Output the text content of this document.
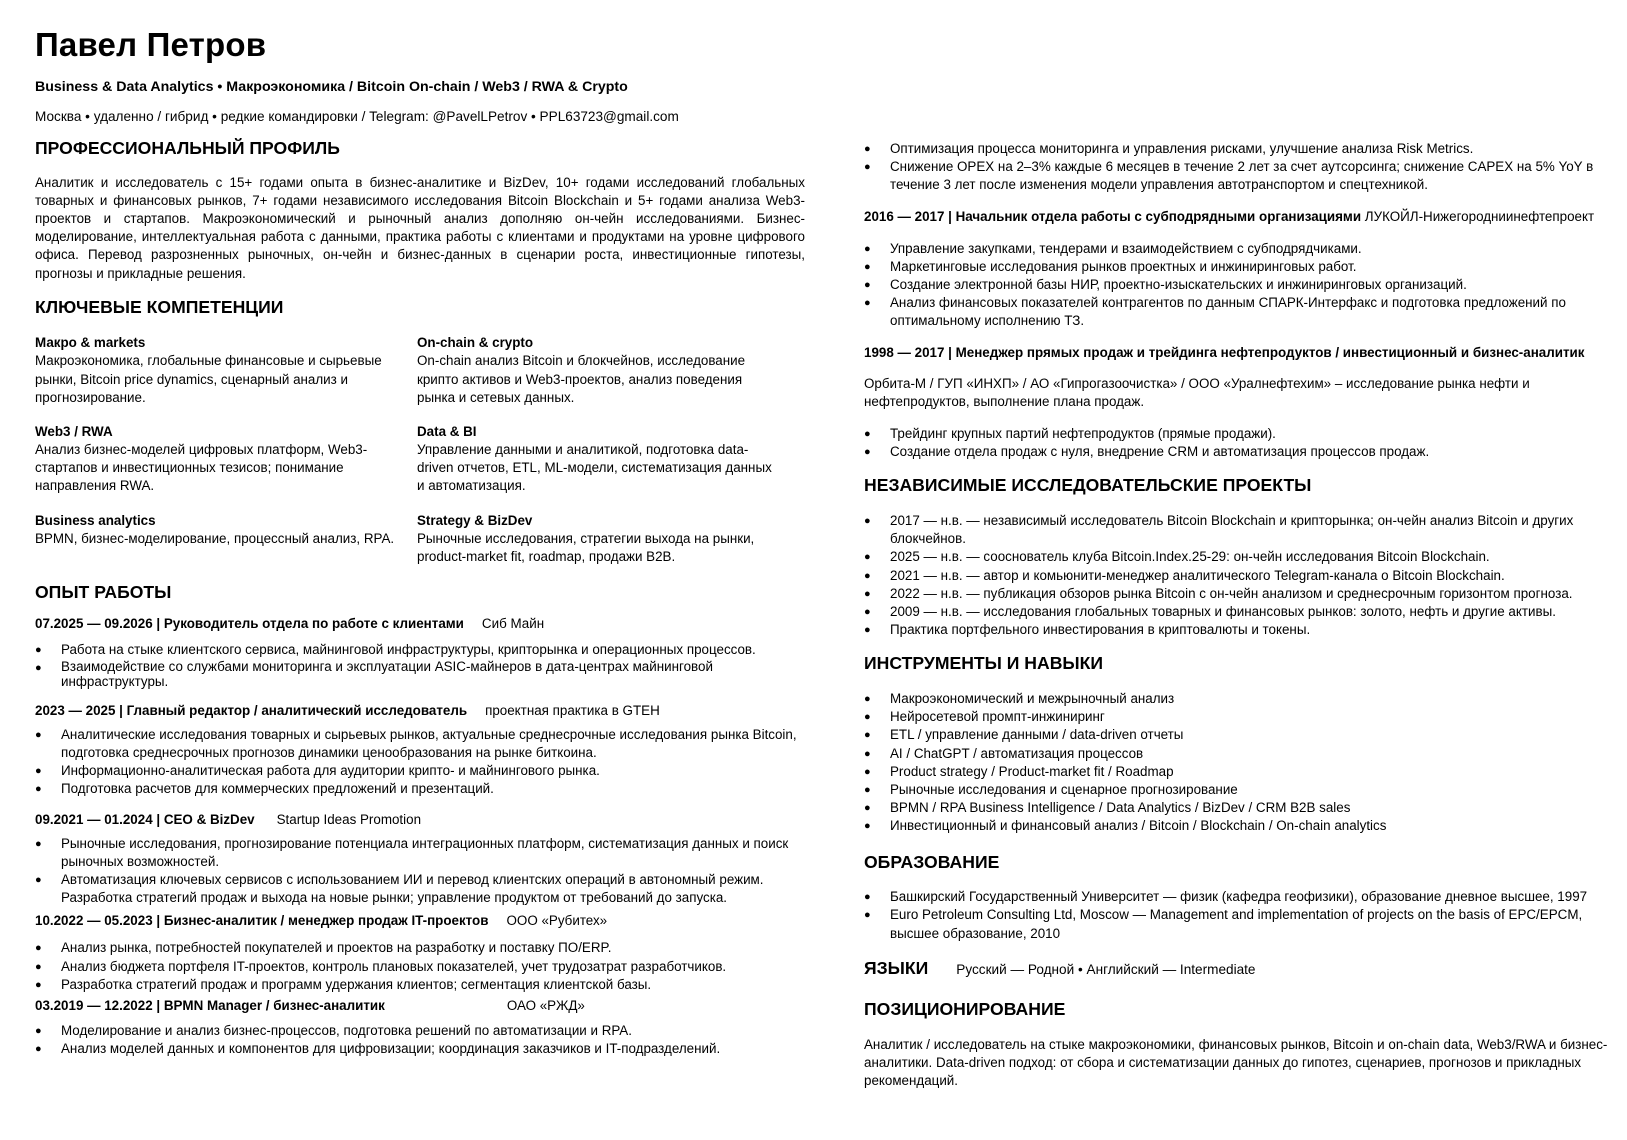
Павел Петров
Business & Data Analytics • Макроэкономика / Bitcoin On-chain / Web3 / RWA & Crypto
Москва • удаленно / гибрид • редкие командировки / Telegram: @PavelLPetrov • PPL63723@gmail.com
ПРОФЕССИОНАЛЬНЫЙ ПРОФИЛЬ
Аналитик и исследователь с 15+ годами опыта в бизнес-аналитике и BizDev, 10+ годами исследований глобальных товарных и финансовых рынков, 7+ годами независимого исследования Bitcoin Blockchain и 5+ годами анализа Web3-проектов и стартапов. Макроэкономический и рыночный анализ дополняю он-чейн исследованиями. Бизнес-моделирование, интеллектуальная работа с данными, практика работы с клиентами и продуктами на уровне цифрового офиса. Перевод разрозненных рыночных, он-чейн и бизнес-данных в сценарии роста, инвестиционные гипотезы, прогнозы и прикладные решения.
КЛЮЧЕВЫЕ КОМПЕТЕНЦИИ
Макро & markets
Макроэкономика, глобальные финансовые и сырьевые рынки, Bitcoin price dynamics, сценарный анализ и прогнозирование.
On-chain & crypto
On-chain анализ Bitcoin и блокчейнов, исследование крипто активов и Web3-проектов, анализ поведения рынка и сетевых данных.
Web3 / RWA
Анализ бизнес-моделей цифровых платформ, Web3-стартапов и инвестиционных тезисов; понимание направления RWA.
Data & BI
Управление данными и аналитикой, подготовка data-driven отчетов, ETL, ML-модели, систематизация данных и автоматизация.
Business analytics
BPMN, бизнес-моделирование, процессный анализ, RPA.
Strategy & BizDev
Рыночные исследования, стратегии выхода на рынки, product-market fit, roadmap, продажи B2B.
ОПЫТ РАБОТЫ
07.2025 — 09.2026 | Руководитель отдела по работе с клиентами Сиб Майн
● Работа на стыке клиентского сервиса, майнинговой инфраструктуры, крипторынка и операционных процессов.
● Взаимодействие со службами мониторинга и эксплуатации ASIC-майнеров в дата-центрах майнинговой инфраструктуры.
2023 — 2025 | Главный редактор / аналитический исследователь проектная практика в GTEH
● Аналитические исследования товарных и сырьевых рынков, актуальные среднесрочные исследования рынка Bitcoin, подготовка среднесрочных прогнозов динамики ценообразования на рынке биткоина.
● Информационно-аналитическая работа для аудитории крипто- и майнингового рынка.
● Подготовка расчетов для коммерческих предложений и презентаций.
09.2021 — 01.2024 | CEO & BizDev Startup Ideas Promotion
● Рыночные исследования, прогнозирование потенциала интеграционных платформ, систематизация данных и поиск рыночных возможностей.
● Автоматизация ключевых сервисов с использованием ИИ и перевод клиентских операций в автономный режим. Разработка стратегий продаж и выхода на новые рынки; управление продуктом от требований до запуска.
10.2022 — 05.2023 | Бизнес-аналитик / менеджер продаж IT-проектов ООО «Рубитех»
● Анализ рынка, потребностей покупателей и проектов на разработку и поставку ПО/ERP.
● Анализ бюджета портфеля IT-проектов, контроль плановых показателей, учет трудозатрат разработчиков.
● Разработка стратегий продаж и программ удержания клиентов; сегментация клиентской базы.
03.2019 — 12.2022 | BPMN Manager / бизнес-аналитик	ОАО «РЖД»
● Моделирование и анализ бизнес-процессов, подготовка решений по автоматизации и RPA.
● Анализ моделей данных и компонентов для цифровизации; координация заказчиков и IT-подразделений.
● Оптимизация процесса мониторинга и управления рисками, улучшение анализа Risk Metrics.
● Снижение OPEX на 2–3% каждые 6 месяцев в течение 2 лет за счет аутсорсинга; снижение CAPEX на 5% YoY в течение 3 лет после изменения модели управления автотранспортом и спецтехникой.
2016 — 2017 | Начальник отдела работы с субподрядными организациями ЛУКОЙЛ-Нижегородниинефтепроект
● Управление закупками, тендерами и взаимодействием с субподрядчиками.
● Маркетинговые исследования рынков проектных и инжиниринговых работ.
● Создание электронной базы НИР, проектно-изыскательских и инжиниринговых организаций.
● Анализ финансовых показателей контрагентов по данным СПАРК-Интерфакс и подготовка предложений по оптимальному исполнению ТЗ.
1998 — 2017 | Менеджер прямых продаж и трейдинга нефтепродуктов / инвестиционный и бизнес-аналитик
Орбита-М / ГУП «ИНХП» / АО «Гипрогазоочистка» / ООО «Уралнефтехим» – исследование рынка нефти и нефтепродуктов, выполнение плана продаж.
● Трейдинг крупных партий нефтепродуктов (прямые продажи).
● Создание отдела продаж с нуля, внедрение CRM и автоматизация процессов продаж.
НЕЗАВИСИМЫЕ ИССЛЕДОВАТЕЛЬСКИЕ ПРОЕКТЫ
● 2017 — н.в. — независимый исследователь Bitcoin Blockchain и крипторынка; он-чейн анализ Bitcoin и других блокчейнов.
● 2025 — н.в. — сооснователь клуба Bitcoin.Index.25-29: он-чейн исследования Bitcoin Blockchain.
● 2021 — н.в. — автор и комьюнити-менеджер аналитического Telegram-канала о Bitcoin Blockchain.
● 2022 — н.в. — публикация обзоров рынка Bitcoin с он-чейн анализом и среднесрочным горизонтом прогноза.
● 2009 — н.в. — исследования глобальных товарных и финансовых рынков: золото, нефть и другие активы.
● Практика портфельного инвестирования в криптовалюты и токены.
ИНСТРУМЕНТЫ И НАВЫКИ
● Макроэкономический и межрыночный анализ
● Нейросетевой промпт-инжиниринг
● ETL / управление данными / data-driven отчеты
● AI / ChatGPT / автоматизация процессов
● Product strategy / Product-market fit / Roadmap
● Рыночные исследования и сценарное прогнозирование
● BPMN / RPA Business Intelligence / Data Analytics / BizDev / CRM B2B sales
● Инвестиционный и финансовый анализ / Bitcoin / Blockchain / On-chain analytics
ОБРАЗОВАНИЕ
● Башкирский Государственный Университет — физик (кафедра геофизики), образование дневное высшее, 1997
● Euro Petroleum Consulting Ltd, Moscow — Management and implementation of projects on the basis of EPC/EPCM, высшее образование, 2010
ЯЗЫКИ Русский — Родной • Английский — Intermediate
ПОЗИЦИОНИРОВАНИЕ
Аналитик / исследователь на стыке макроэкономики, финансовых рынков, Bitcoin и on-chain data, Web3/RWA и бизнес-аналитики. Data-driven подход: от сбора и систематизации данных до гипотез, сценариев, прогнозов и прикладных рекомендаций.
